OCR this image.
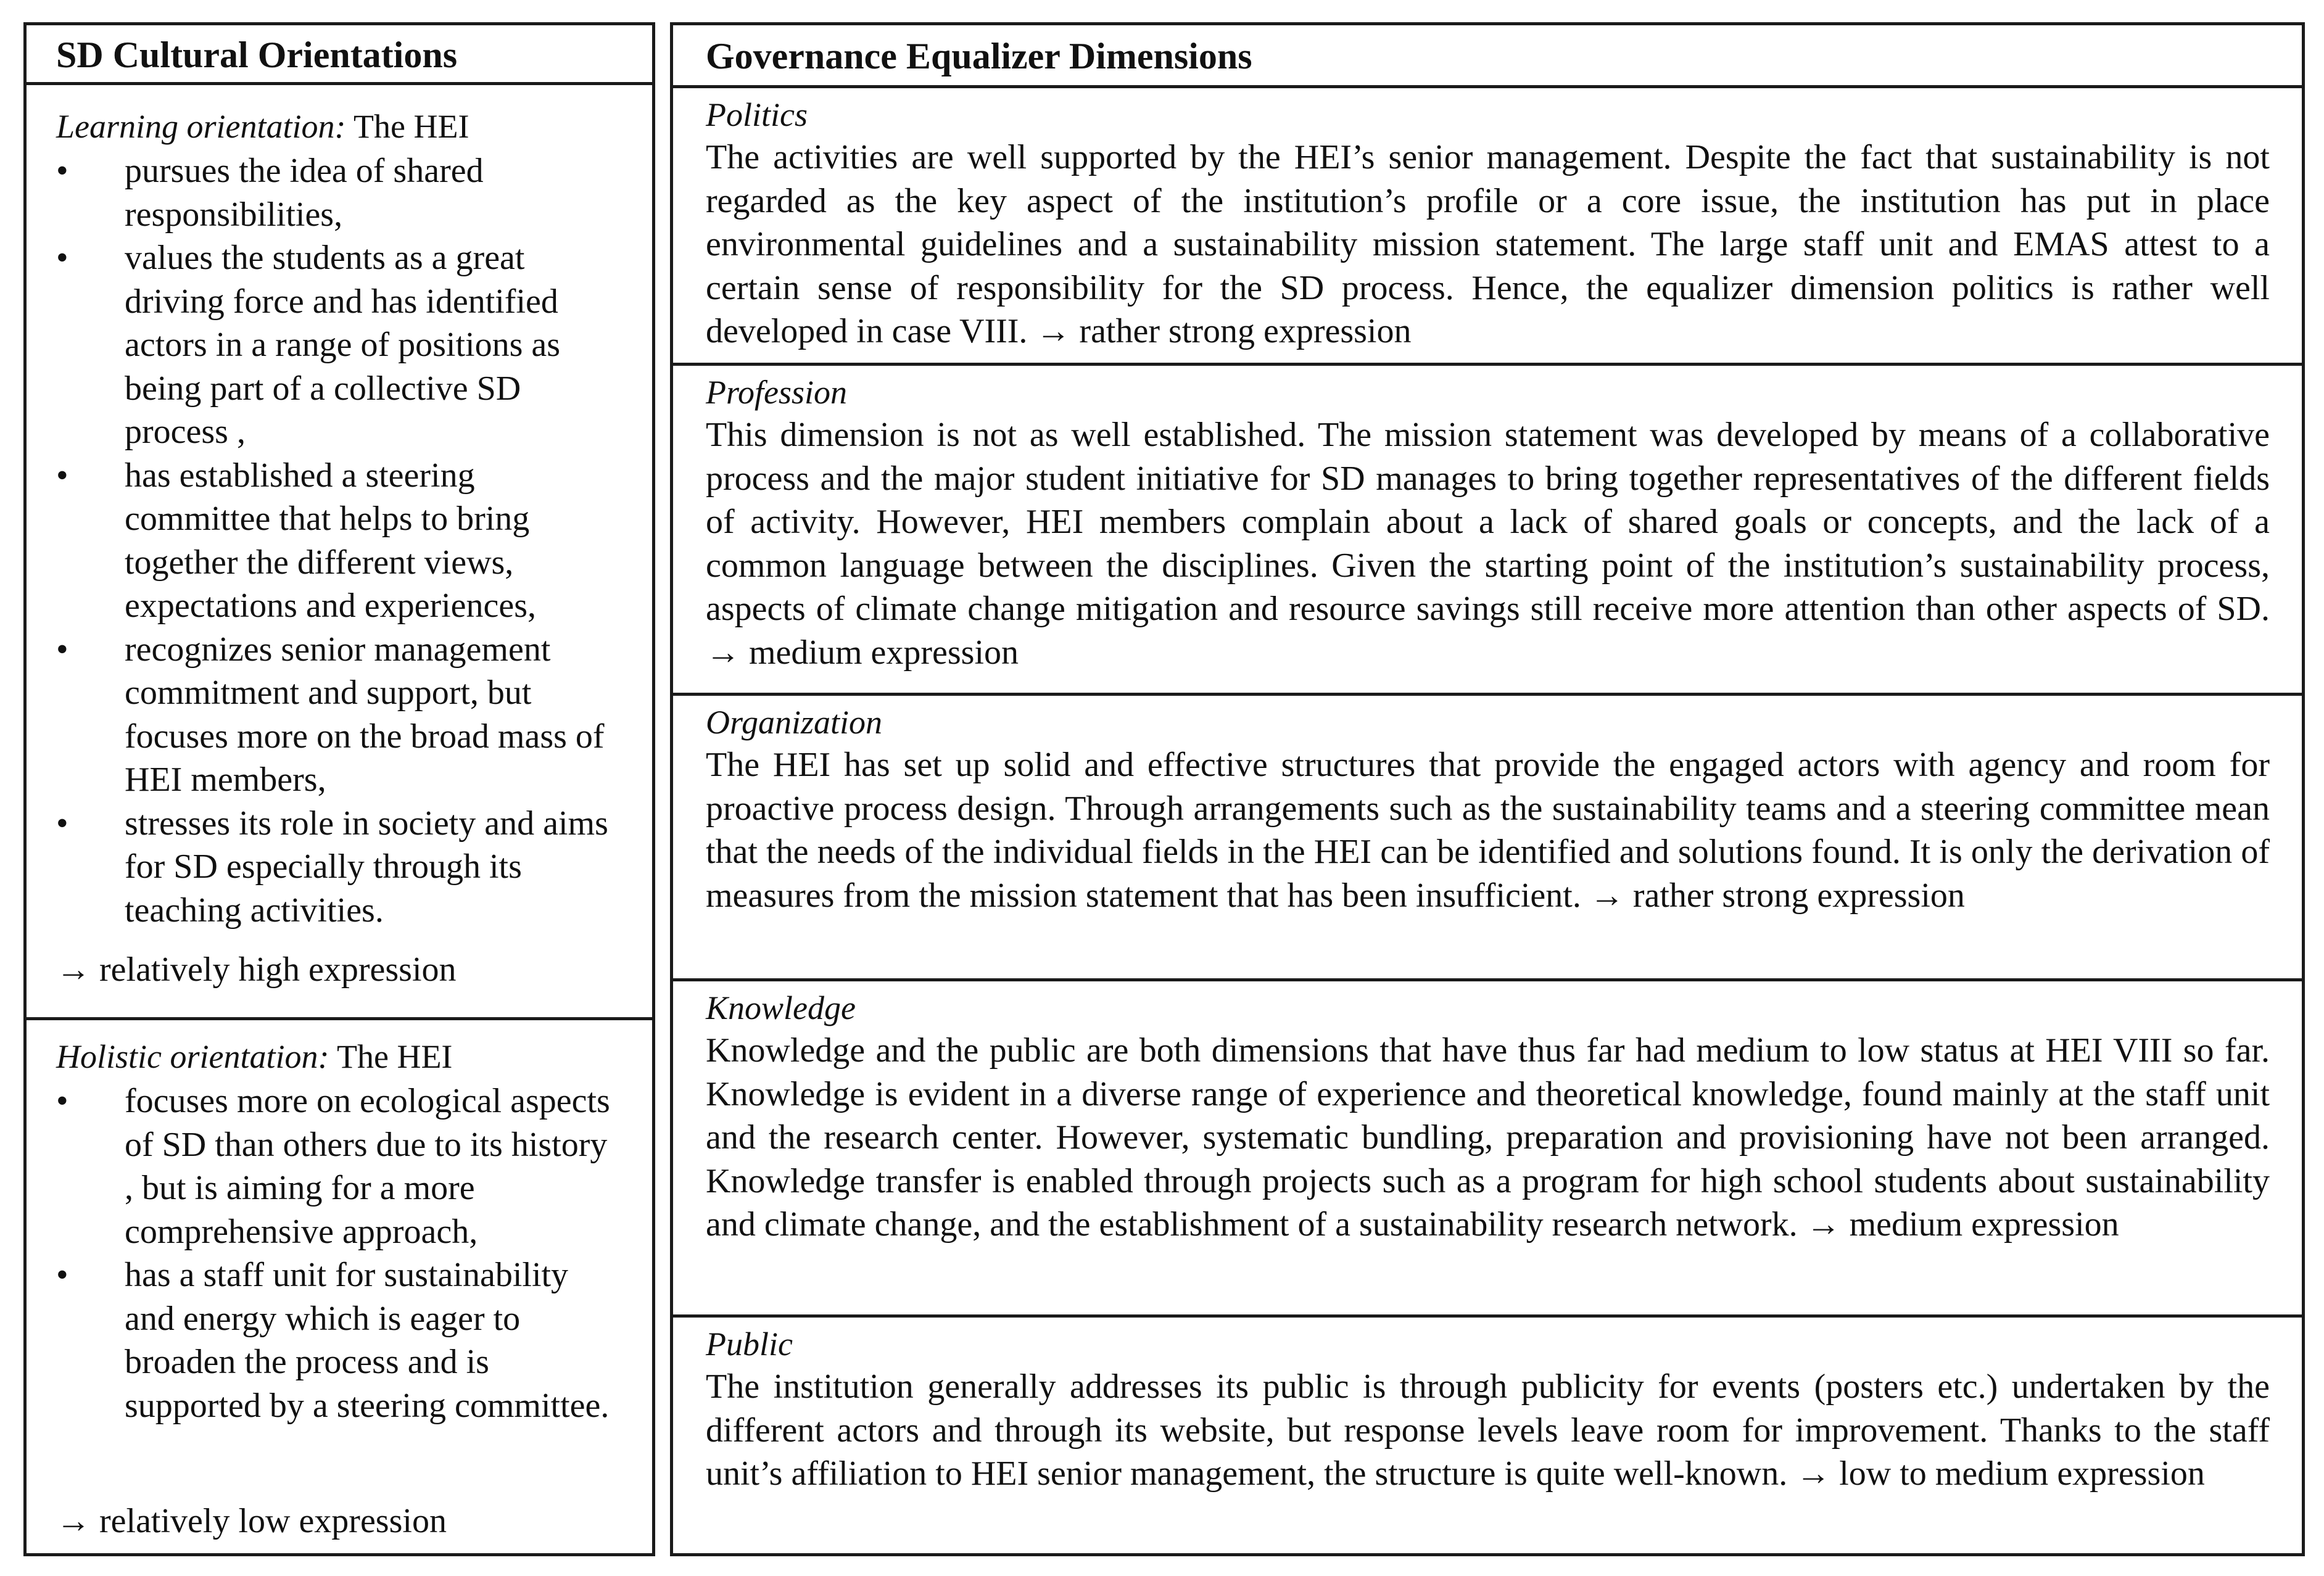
SD Cultural Orientations
Learning orientation: The HEI
•	pursues the idea of shared responsibilities,
•	values the students as a great driving force and has identified actors in a range of positions as being part of a collective SD process ,
•	has established a steering committee that helps to bring together the different views, expectations and experiences,
•	recognizes senior management commitment and support, but focuses more on the broad mass of HEI members,
•	stresses its role in society and aims for SD especially through its teaching activities.
→ relatively high expression
Holistic orientation: The HEI
•	focuses more on ecological aspects of SD than others due to its history , but is aiming for a more comprehensive approach,
•	has a staff unit for sustainability and energy which is eager to broaden the process and is supported by a steering committee.
→ relatively low expression
Governance Equalizer Dimensions
Politics

The activities are well supported by the HEI’s senior management. Despite the fact that sustainability is not regarded as the key aspect of the institution’s profile or a core issue, the institution has put in place environmental guidelines and a sustainability mission statement. The large staff unit and EMAS attest to a certain sense of responsibility for the SD process. Hence, the equalizer dimension politics is rather well developed in case VIII. → rather strong expression

Profession

This dimension is not as well established. The mission statement was developed by means of a collaborative process and the major student initiative for SD manages to bring together representatives of the different fields of activity. However, HEI members complain about a lack of shared goals or concepts, and the lack of a common language between the disciplines. Given the starting point of the institution’s sustainability process, aspects of climate change mitigation and resource savings still receive more attention than other aspects of SD. → medium expression

Organization

The HEI has set up solid and effective structures that provide the engaged actors with agency and room for proactive process design. Through arrangements such as the sustainability teams and a steering committee mean that the needs of the individual fields in the HEI can be identified and solutions found. It is only the derivation of measures from the mission statement that has been insufficient. → rather strong expression

Knowledge

Knowledge and the public are both dimensions that have thus far had medium to low status at HEI VIII so far. Knowledge is evident in a diverse range of experience and theoretical knowledge, found mainly at the staff unit and the research center. However, systematic bundling, preparation and provisioning have not been arranged. Knowledge transfer is enabled through projects such as a program for high school students about sustainability and climate change, and the establishment of a sustainability research network. → medium expression

Public

The institution generally addresses its public is through publicity for events (posters etc.) undertaken by the different actors and through its website, but response levels leave room for improvement. Thanks to the staff unit’s affiliation to HEI senior management, the structure is quite well-known. → low to medium expression
